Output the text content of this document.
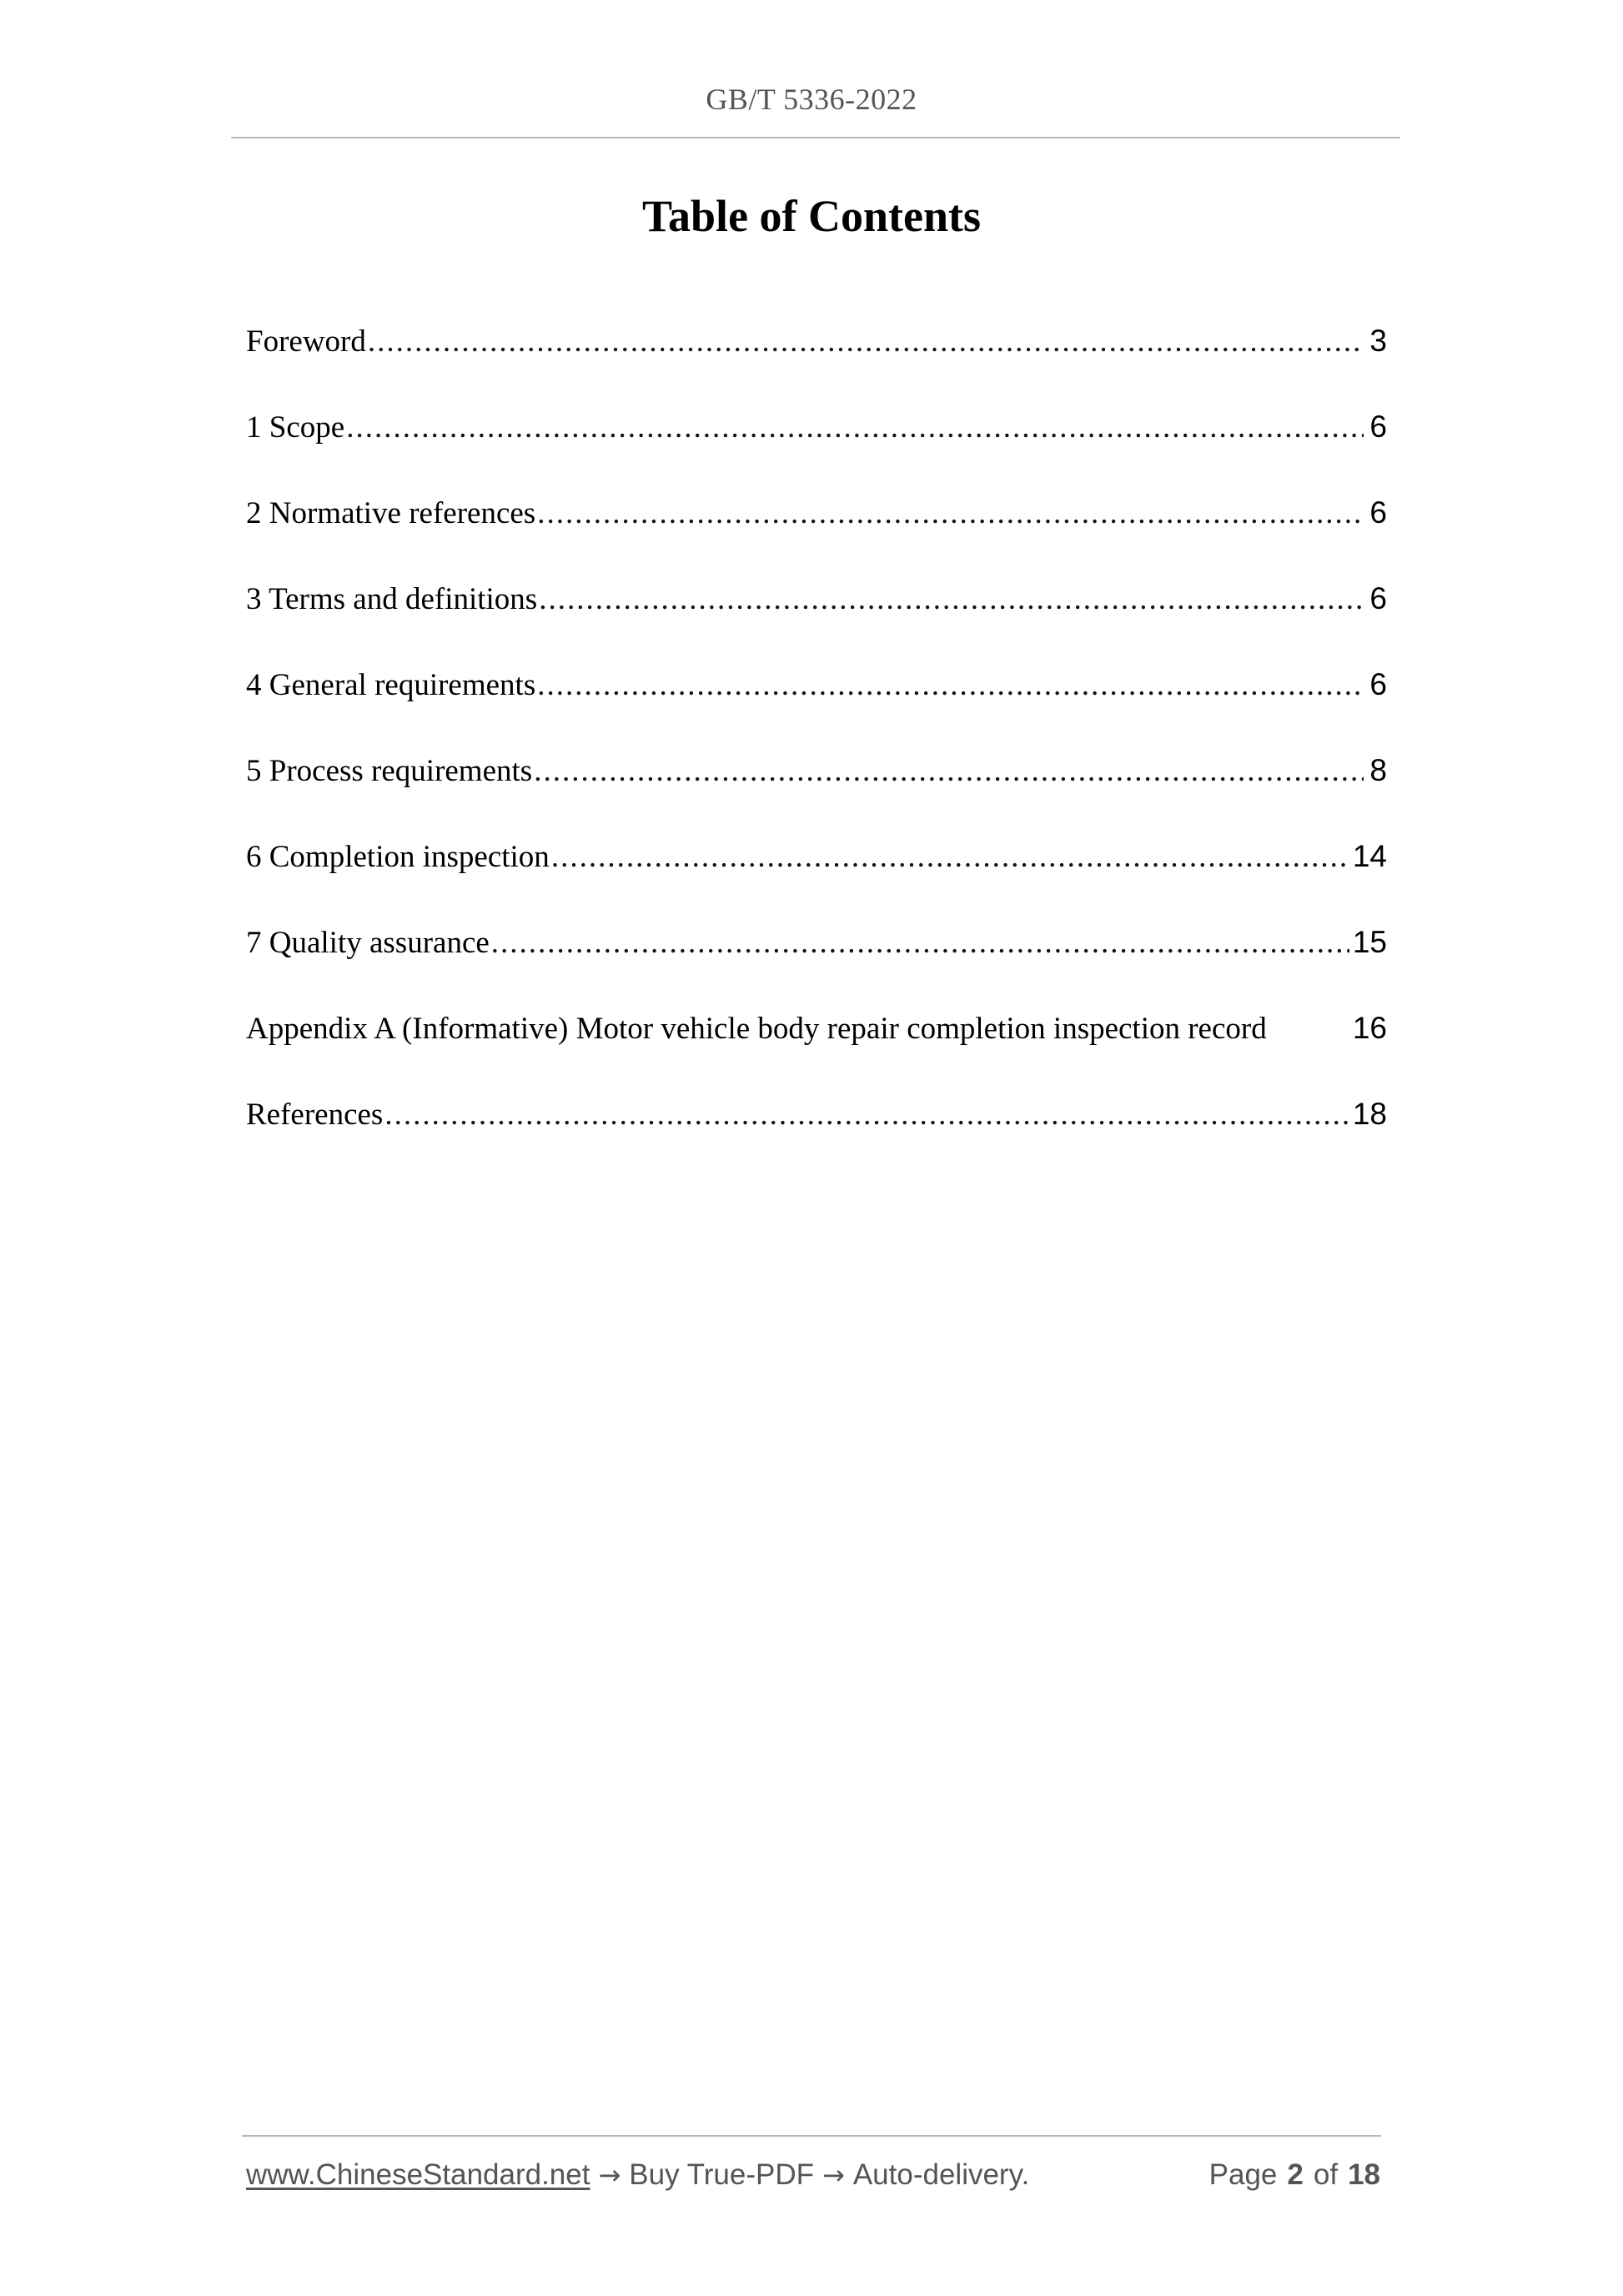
GB/T 5336-2022
Table of Contents
Foreword .....	3
1 Scope .....	6
2 Normative references .....	6
3 Terms and definitions .....	6
4 General requirements .....	6
5 Process requirements .....	8
6 Completion inspection .....	14
7 Quality assurance .....	15
Appendix A (Informative) Motor vehicle body repair completion inspection record	16
References .....	18
www.ChineseStandard.net → Buy True-PDF → Auto-delivery.	Page 2 of 18
